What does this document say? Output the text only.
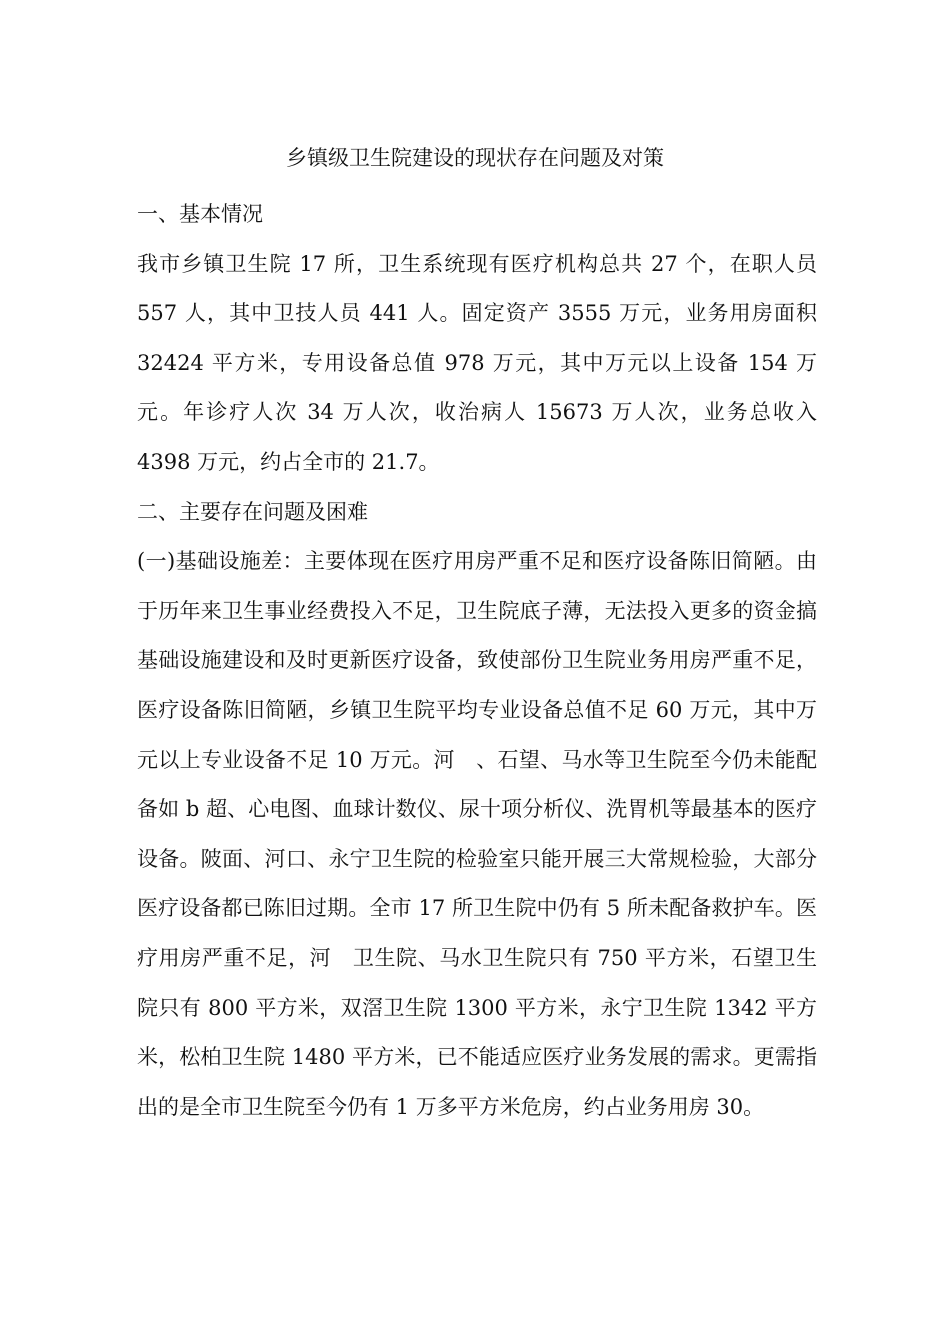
乡镇级卫生院建设的现状存在问题及对策

一、基本情况

我市乡镇卫生院 17 所，卫生系统现有医疗机构总共 27 个，在职人员 557 人，其中卫技人员 441 人。固定资产 3555 万元，业务用房面积 32424 平方米，专用设备总值 978 万元，其中万元以上设备 154 万元。年诊疗人次 34 万人次，收治病人 15673 万人次，业务总收入 4398 万元，约占全市的 21.7。

二、主要存在问题及困难

(一)基础设施差：主要体现在医疗用房严重不足和医疗设备陈旧简陋。由于历年来卫生事业经费投入不足，卫生院底子薄，无法投入更多的资金搞基础设施建设和及时更新医疗设备，致使部份卫生院业务用房严重不足，医疗设备陈旧简陋，乡镇卫生院平均专业设备总值不足 60 万元，其中万元以上专业设备不足 10 万元。河　、石望、马水等卫生院至今仍未能配备如 b 超、心电图、血球计数仪、尿十项分析仪、洗胃机等最基本的医疗设备。陂面、河口、永宁卫生院的检验室只能开展三大常规检验，大部分医疗设备都已陈旧过期。全市 17 所卫生院中仍有 5 所未配备救护车。医疗用房严重不足，河　卫生院、马水卫生院只有 750 平方米，石望卫生院只有 800 平方米，双滘卫生院 1300 平方米，永宁卫生院 1342 平方米，松柏卫生院 1480 平方米，已不能适应医疗业务发展的需求。更需指出的是全市卫生院至今仍有 1 万多平方米危房，约占业务用房 30。
